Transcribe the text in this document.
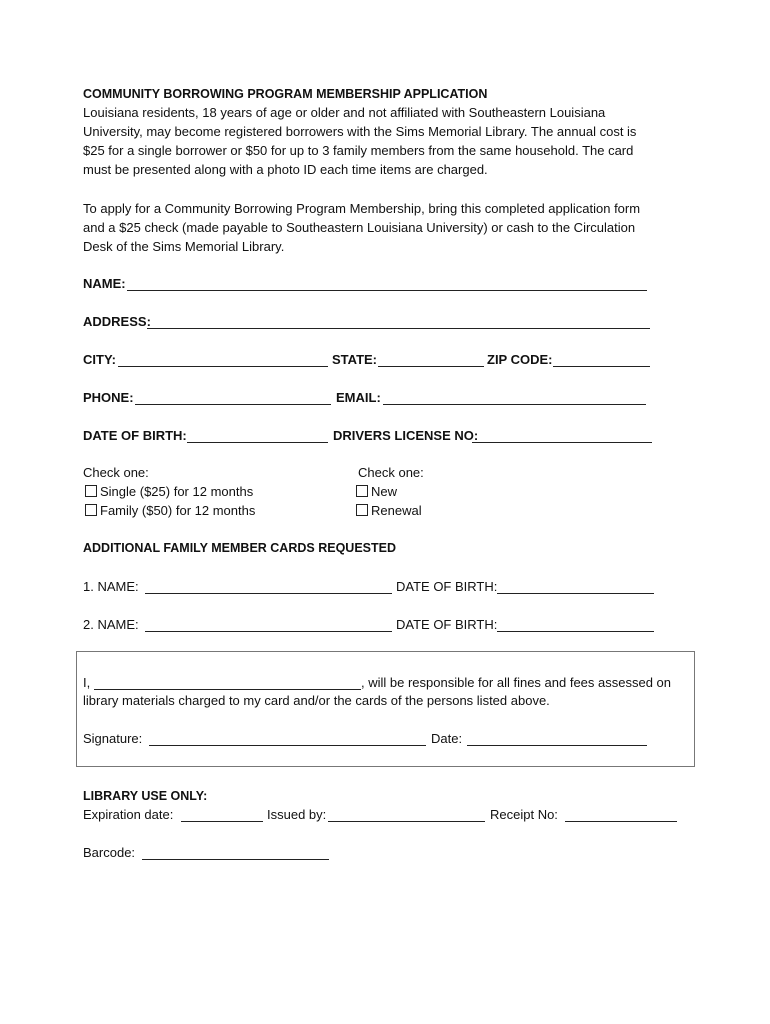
COMMUNITY BORROWING PROGRAM MEMBERSHIP APPLICATION
Louisiana residents, 18 years of age or older and not affiliated with Southeastern Louisiana
University, may become registered borrowers with the Sims Memorial Library. The annual cost is
$25 for a single borrower or $50 for up to 3 family members from the same household. The card
must be presented along with a photo ID each time items are charged.
To apply for a Community Borrowing Program Membership, bring this completed application form
and a $25 check (made payable to Southeastern Louisiana University) or cash to the Circulation
Desk of the Sims Memorial Library.
NAME:
ADDRESS:
CITY:	STATE:	ZIP CODE:
PHONE:	EMAIL:
DATE OF BIRTH:	DRIVERS LICENSE NO:
Check one:
Single ($25) for 12 months
Family ($50) for 12 months
Check one:
New
Renewal
ADDITIONAL FAMILY MEMBER CARDS REQUESTED
1. NAME:	DATE OF BIRTH:
2. NAME:	DATE OF BIRTH:
I,	, will be responsible for all fines and fees assessed on
library materials charged to my card and/or the cards of the persons listed above.
Signature:	Date:
LIBRARY USE ONLY:
Expiration date:	Issued by:	Receipt No:
Barcode:
